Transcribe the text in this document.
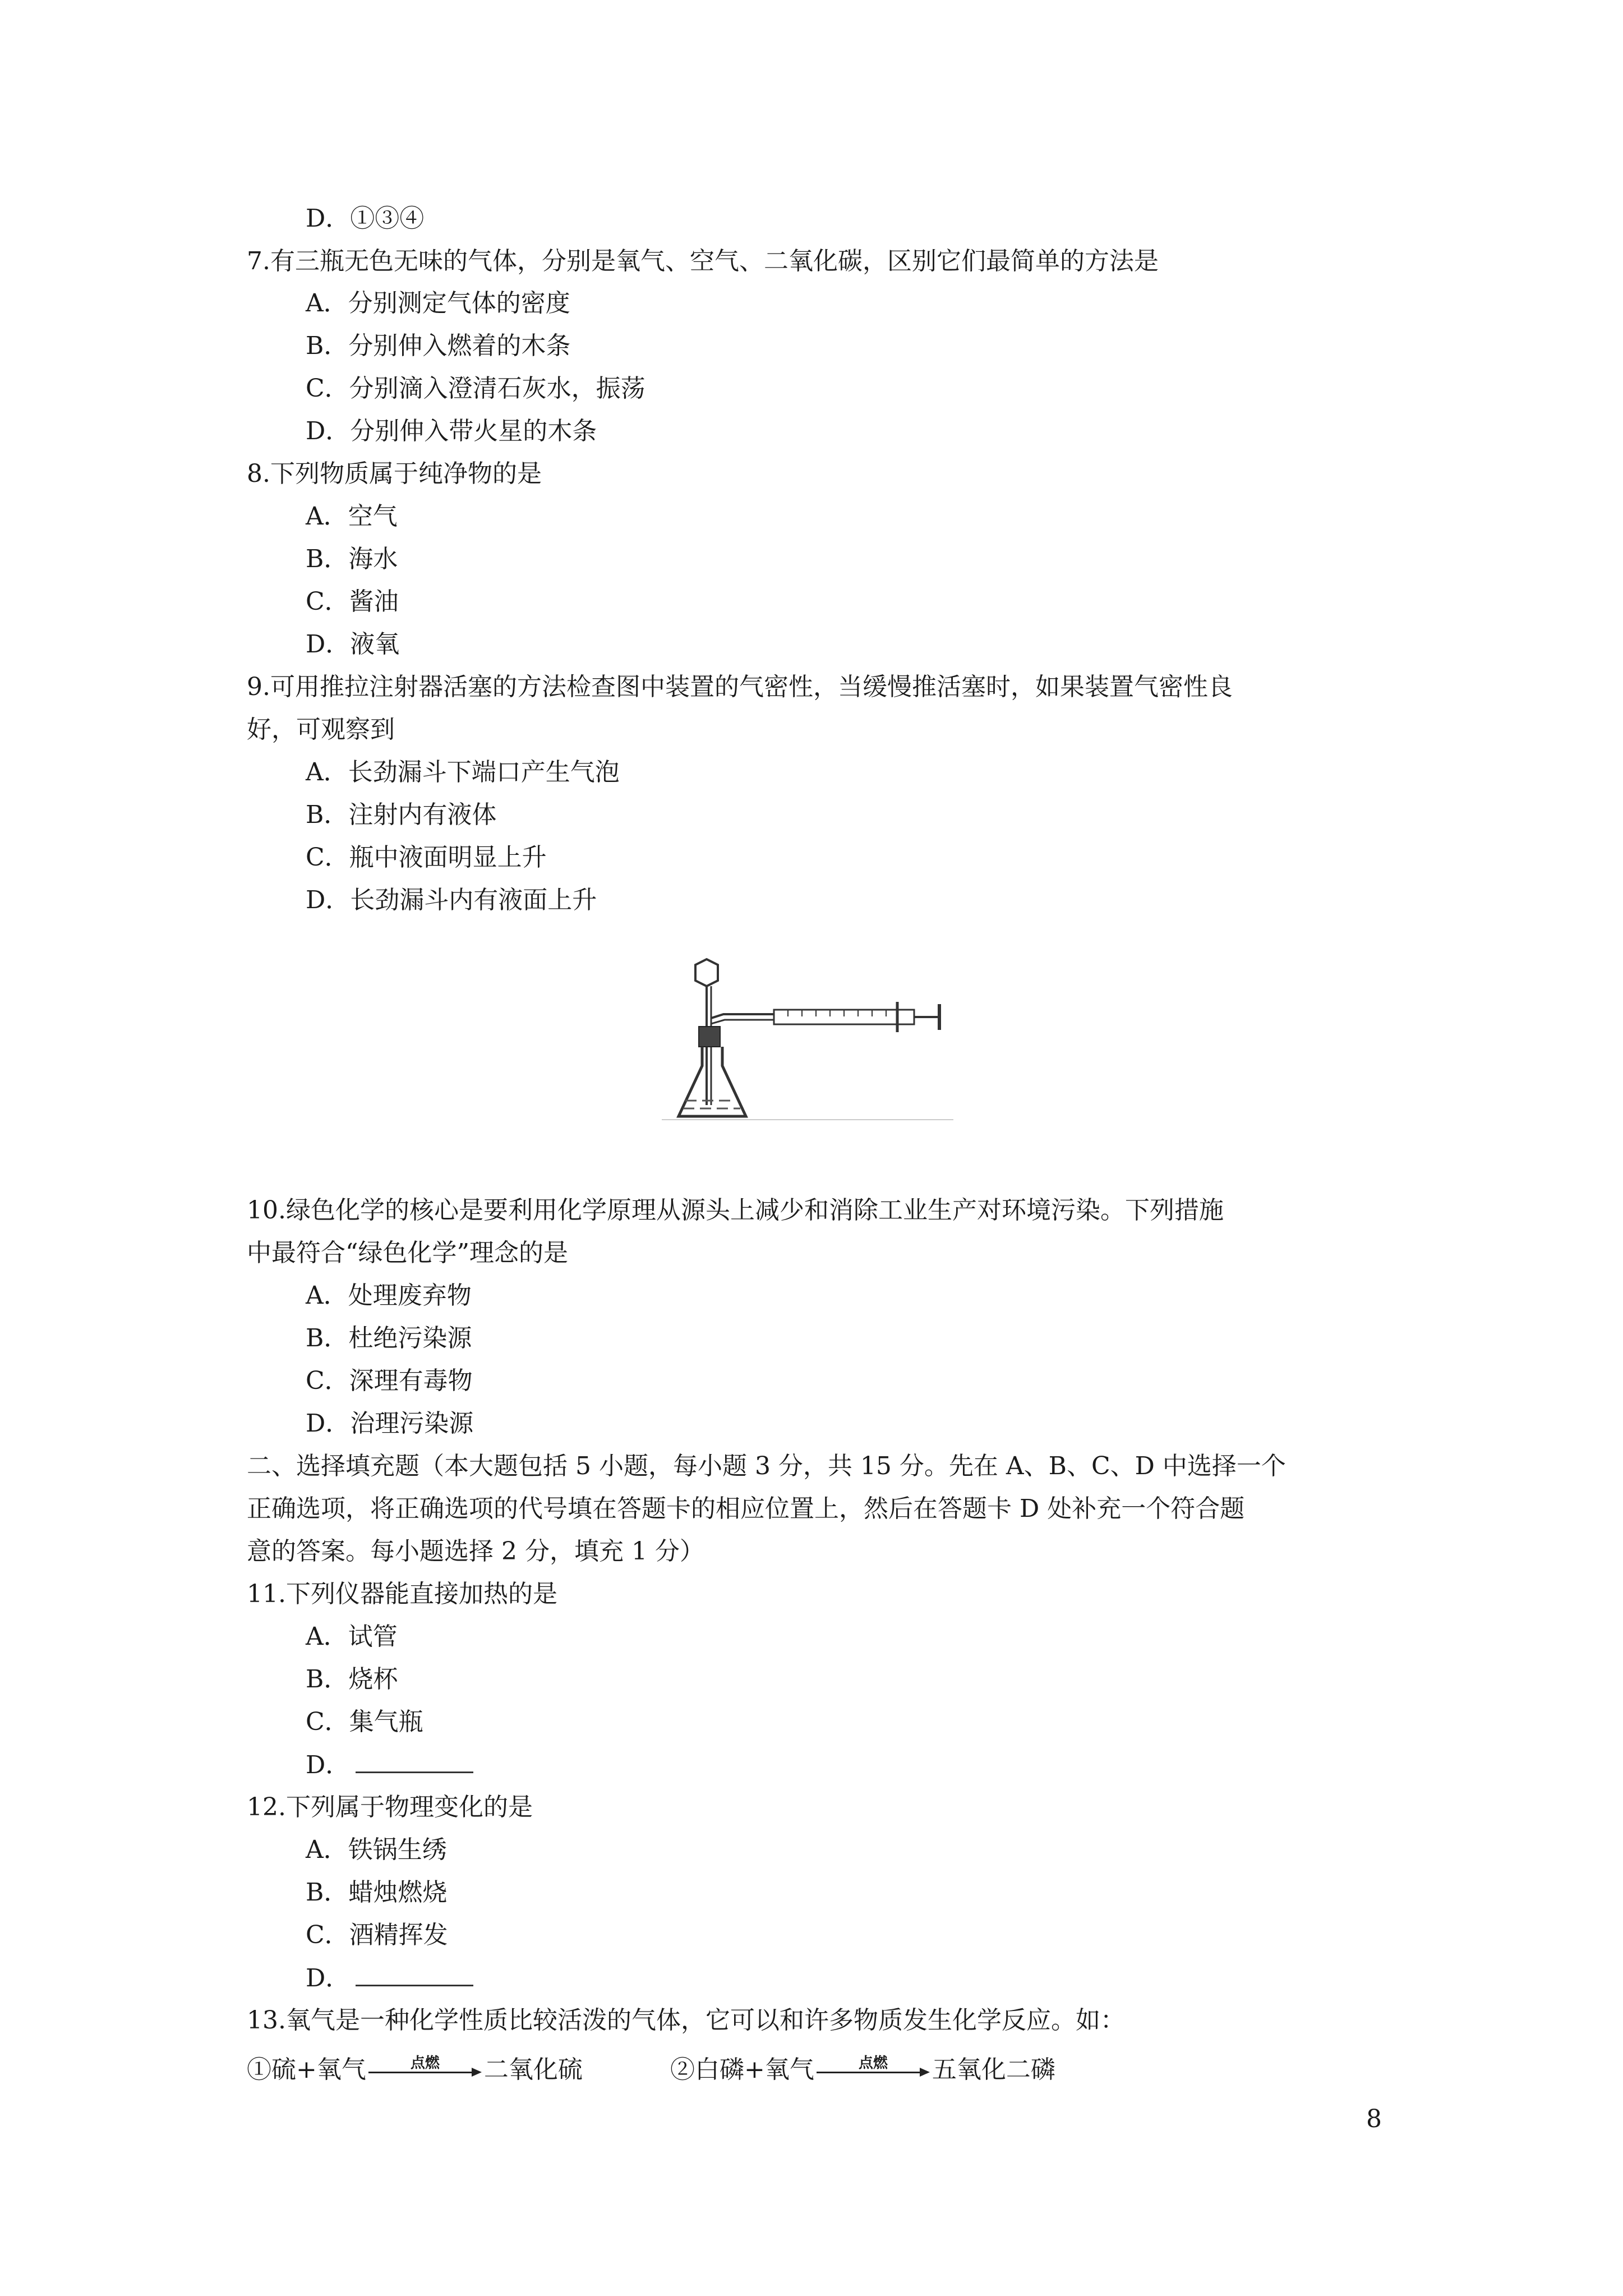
D．①③④
7.有三瓶无色无味的气体，分别是氧气、空气、二氧化碳，区别它们最简单的方法是
A．分别测定气体的密度
B．分别伸入燃着的木条
C．分别滴入澄清石灰水，振荡
D．分别伸入带火星的木条
8.下列物质属于纯净物的是
A．空气
B．海水
C．酱油
D．液氧
9.可用推拉注射器活塞的方法检查图中装置的气密性，当缓慢推活塞时，如果装置气密性良
好，可观察到
A．长劲漏斗下端口产生气泡
B．注射内有液体
C．瓶中液面明显上升
D．长劲漏斗内有液面上升
10.绿色化学的核心是要利用化学原理从源头上减少和消除工业生产对环境污染。下列措施
中最符合“绿色化学”理念的是
A．处理废弃物
B．杜绝污染源
C．深理有毒物
D．治理污染源
二、选择填充题（本大题包括 5 小题，每小题 3 分，共 15 分。先在 A、B、C、D 中选择一个
正确选项，将正确选项的代号填在答题卡的相应位置上，然后在答题卡 D 处补充一个符合题
意的答案。每小题选择 2 分，填充 1 分）
11.下列仪器能直接加热的是
A．试管
B．烧杯
C．集气瓶
D．
12.下列属于物理变化的是
A．铁锅生绣
B．蜡烛燃烧
C．酒精挥发
D．
13.氧气是一种化学性质比较活泼的气体，它可以和许多物质发生化学反应。如：
①硫+氧气	点燃	二氧化硫	②白磷+氧气	点燃	五氧化二磷
8
